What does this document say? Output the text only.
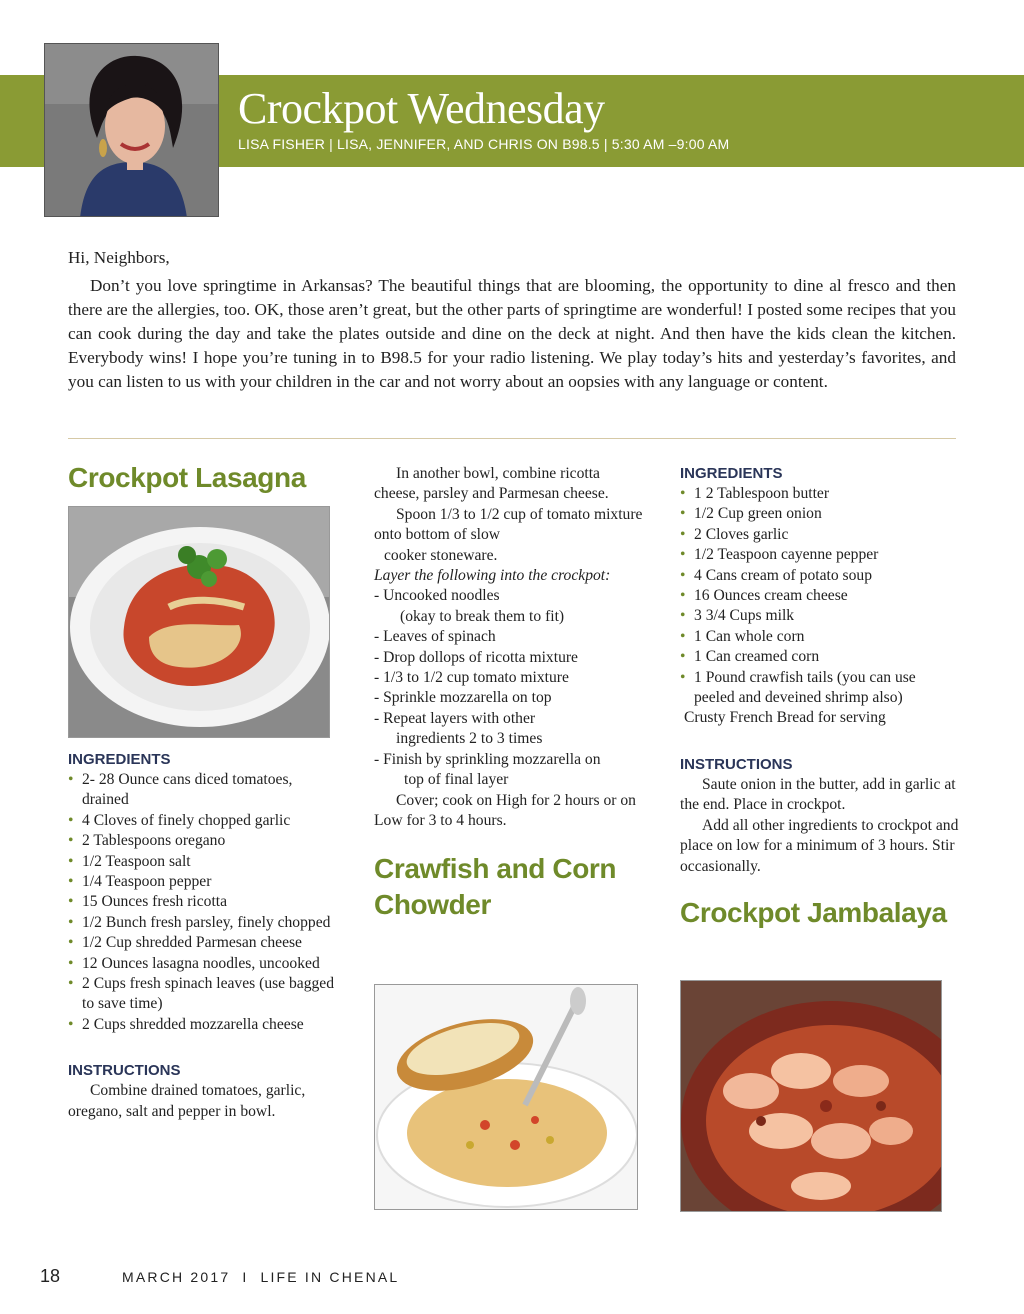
Crockpot Wednesday
LISA FISHER | LISA, JENNIFER, AND CHRIS ON B98.5 | 5:30 AM –9:00 AM
Hi, Neighbors,
Don’t you love springtime in Arkansas? The beautiful things that are blooming, the opportunity to dine al fresco and then there are the allergies, too. OK, those aren’t great, but the other parts of springtime are wonderful! I posted some recipes that you can cook during the day and take the plates outside and dine on the deck at night. And then have the kids clean the kitchen. Everybody wins! I hope you’re tuning in to B98.5 for your radio listening. We play today’s hits and yesterday’s favorites, and you can listen to us with your children in the car and not worry about an oopsies with any language or content.
Crockpot Lasagna
INGREDIENTS
• 2- 28 Ounce cans diced tomatoes, drained
• 4 Cloves of finely chopped garlic
• 2 Tablespoons oregano
• 1/2 Teaspoon salt
• 1/4 Teaspoon pepper
• 15 Ounces fresh ricotta
• 1/2 Bunch fresh parsley, finely chopped
• 1/2 Cup shredded Parmesan cheese
• 12 Ounces lasagna noodles, uncooked
• 2 Cups fresh spinach leaves (use bagged to save time)
• 2 Cups shredded mozzarella cheese
INSTRUCTIONS
Combine drained tomatoes, garlic, oregano, salt and pepper in bowl.
In another bowl, combine ricotta cheese, parsley and Parmesan cheese.
Spoon 1/3 to 1/2 cup of tomato mixture onto bottom of slow
cooker stoneware.
Layer the following into the crockpot:
- Uncooked noodles
(okay to break them to fit)
- Leaves of spinach
- Drop dollops of ricotta mixture
- 1/3 to 1/2 cup tomato mixture
- Sprinkle mozzarella on top
- Repeat layers with other
ingredients 2 to 3 times
- Finish by sprinkling mozzarella on
top of final layer
Cover; cook on High for 2 hours or on Low for 3 to 4 hours.
Crawfish and Corn Chowder
INGREDIENTS
• 1 2 Tablespoon butter
• 1/2 Cup green onion
• 2 Cloves garlic
• 1/2 Teaspoon cayenne pepper
• 4 Cans cream of potato soup
• 16 Ounces cream cheese
• 3 3/4 Cups milk
• 1 Can whole corn
• 1 Can creamed corn
• 1 Pound crawfish tails (you can use peeled and deveined shrimp also)
Crusty French Bread for serving
INSTRUCTIONS
Saute onion in the butter, add in garlic at the end. Place in crockpot.
Add all other ingredients to crockpot and place on low for a minimum of 3 hours. Stir occasionally.
Crockpot Jambalaya
18	MARCH 2017 I LIFE IN CHENAL
